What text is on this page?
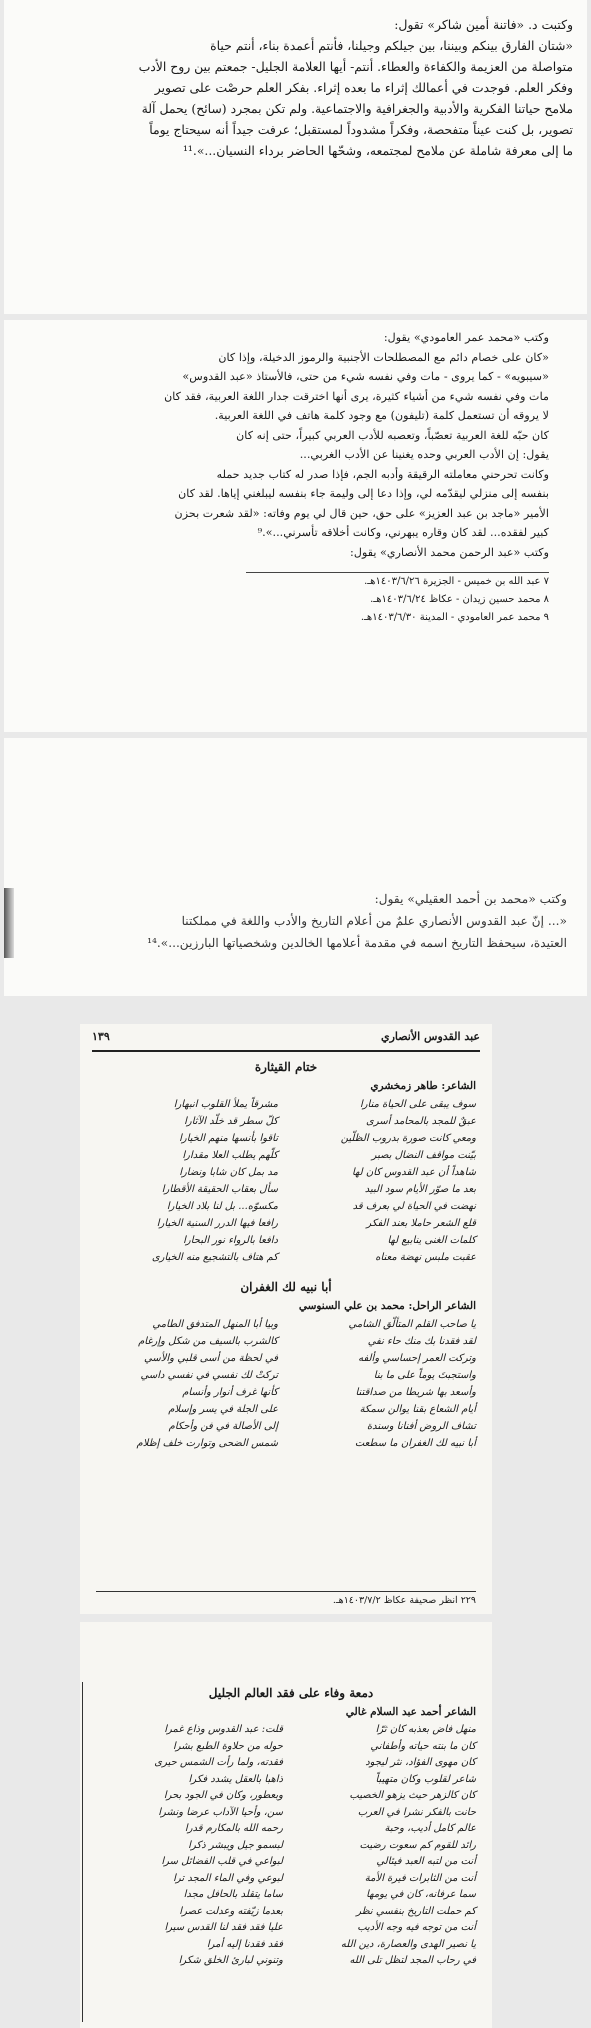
وكتبت د. «فاتنة أمين شاكر» تقول:
«شتان الفارق بينكم وبيننا، بين جيلكم وجيلنا، فأنتم أعمدة بناء، أنتم حياة
متواصلة من العزيمة والكفاءة والعطاء. أنتم- أيها العلامة الجليل- جمعتم بين روح الأدب
وفكر العلم. فوجدت في أعمالك إثراء ما بعده إثراء. بفكر العلم حرصْت على تصوير
ملامح حياتنا الفكرية والأدبية والجغرافية والاجتماعية. ولم تكن بمجرد (سائح) يحمل آلة
تصوير، بل كنت عيناً متفحصة، وفكراً مشدوداً لمستقبل؛ عرفت جيداً أنه سيحتاج يوماً
ما إلى معرفة شاملة عن ملامح لمجتمعه، وشحّها الحاضر برداء النسيان...».¹¹
وكتب «محمد عمر العامودي» يقول:
«كان على خصام دائم مع المصطلحات الأجنبية والرموز الدخيلة، وإذا كان
«سيبويه» - كما يروى - مات وفي نفسه شيء من حتى، فالأستاذ «عبد القدوس»
مات وفي نفسه شيء من أشياء كثيرة، يرى أنها اخترقت جدار اللغة العربية، فقد كان
لا يروقه أن تستعمل كلمة (تليفون) مع وجود كلمة هاتف في اللغة العربية.
كان حبّه للغة العربية تعصّباً، وتعصبه للأدب العربي كبيراً، حتى إنه كان
يقول: إن الأدب العربي وحده يغنينا عن الأدب الغربي...
وكانت تحرحني معاملته الرقيقة وأدبه الجم، فإذا صدر له كتاب جديد حمله
بنفسه إلى منزلي ليقدّمه لي، وإذا دعا إلى وليمة جاء بنفسه ليبلغني إياها. لقد كان
الأمير «ماجد بن عبد العزيز» على حق، حين قال لي يوم وفاته: «لقد شعرت بحزن
كبير لفقده... لقد كان وقاره يبهرني، وكانت أخلاقه تأسرني...».⁹
وكتب «عبد الرحمن محمد الأنصاري» يقول:
٧ عبد الله بن خميس - الجزيرة ١٤٠٣/٦/٢٦هـ.
٨ محمد حسين زيدان - عكاظ ١٤٠٣/٦/٢٤هـ.
٩ محمد عمر العامودي - المدينة ١٤٠٣/٦/٣٠هـ.
وكتب «محمد بن أحمد العقيلي» يقول:
«... إنّ عبد القدوس الأنصاري علمٌ من أعلام التاريخ والأدب واللغة في مملكتنا
العتيدة، سيحفظ التاريخ اسمه في مقدمة أعلامها الخالدين وشخصياتها البارزين...».¹⁴
عبد القدوس الأنصاري
١٣٩
ختام القيثارة
الشاعر: طاهر زمخشري
سوف يبقى على الحياة منارا
مشرقاً يملأ القلوب انبهارا
عبقٌ للمجد بالمحامد أسرى
كلّ سطر قد خلّد الآثارا
ومعي كانت صورة بدروب الظلّين
تاقوا بأنسها منهم الخيارا
بيّنت مواقف النضال بصبر
كلّهم يطلب العلا مقدارا
شاهداً أن عبد القدوس كان لها
مد بمل كان شابا ونضارا
بعد ما صوّر الأيام سود البيد
سأل بعقاب الحقيقة الأقطارا
نهضت في الحياة لي بعرف قد
مكسوّه... بل لنا بلاد الخيارا
قلع الشعر حاملا بعند الفكر
رافعا فيها الدرر السنية الخيارا
كلمات الغنى ينابيع لها
دافعا بالرواء نور البحارا
عقبت ملبس نهضة معناه
كم هتاف بالتشجيع منه الخيارى
أبا نبيه لك الغفران
الشاعر الراحل: محمد بن علي السنوسي
يا صاحب القلم المتألّق الشامي
وبيا أبا المنهل المتدفق الطامي
لقد فقدنا بك منك حاء نفي
كالشرب بالسيف من شكل وإرغام
وتركت العمر إحساسي وألفه
في لحظة من أسى قلبي والأسي
واستجبتَ يوماً على ما بنا
تركتْ لك نفسي في نفسي داسي
وأسعد بها شريطا من صداقتنا
كأنها غرف أنوار وأنسام
أيام الشعاع بقنا يوالن سمكة
على الجلة في يسر وإسلام
تشاف الروض أفنانا وسندة
إلى الأصالة في فن وأحكام
أبا نبيه لك الغفران ما سطعت
شمس الضحى وتوارت خلف إظلام
٢٢٩ انظر صحيفة عكاظ ١٤٠٣/٧/٢هـ.
دمعة وفاء على فقد العالم الجليل
الشاعر أحمد عبد السلام غالي
منهل فاض بعذبه كان ثرّا
قلت: عبد القدوس وذاع غمرا
كان ما بنته حياته وأطفاني
حوله من حلاوة الطبع بشرا
كان مهوى الفؤاد، نثر ليجود
فقدته، ولما رأت الشمس حيرى
شاعر لقلوب وكان متهيباً
ذاهبا بالعقل يشدد فكرا
كان كالزهر حيث يزهو الخصيب
وبعطور، وكان في الجود بحرا
حانت بالفكر نشرا في العرب
سن، وأحيا الآداب عرضا ونشرا
عالم كامل أديب، وحبة
رحمه الله بالمكارم قدرا
رائد للقوم كم سعوت رضيت
لبسمو جيل ويبشر ذكرا
أنت من لتبه العبد فيئالي
لبواعي في قلب الفضائل سرا
أنت من الثابرات فيرة الأمة
لبوعي وفي الماء المجد ترا
سما عرفانه، كان في يومها
ساما يتقلد بالحافل مجدا
كم حملت التاريخ بنفسي نظر
بعدما زيّفته وعدلت عصرا
أنت من توجه فيه وجه الأديب
عليا فقد فقد لنا القدس سيرا
يا نصير الهدى والعصارة، دين الله
فقد فقدنا إليه أمرا
في رحاب المجد لتظل تلى الله
وتنوني لبارئ الخلق شكرا
